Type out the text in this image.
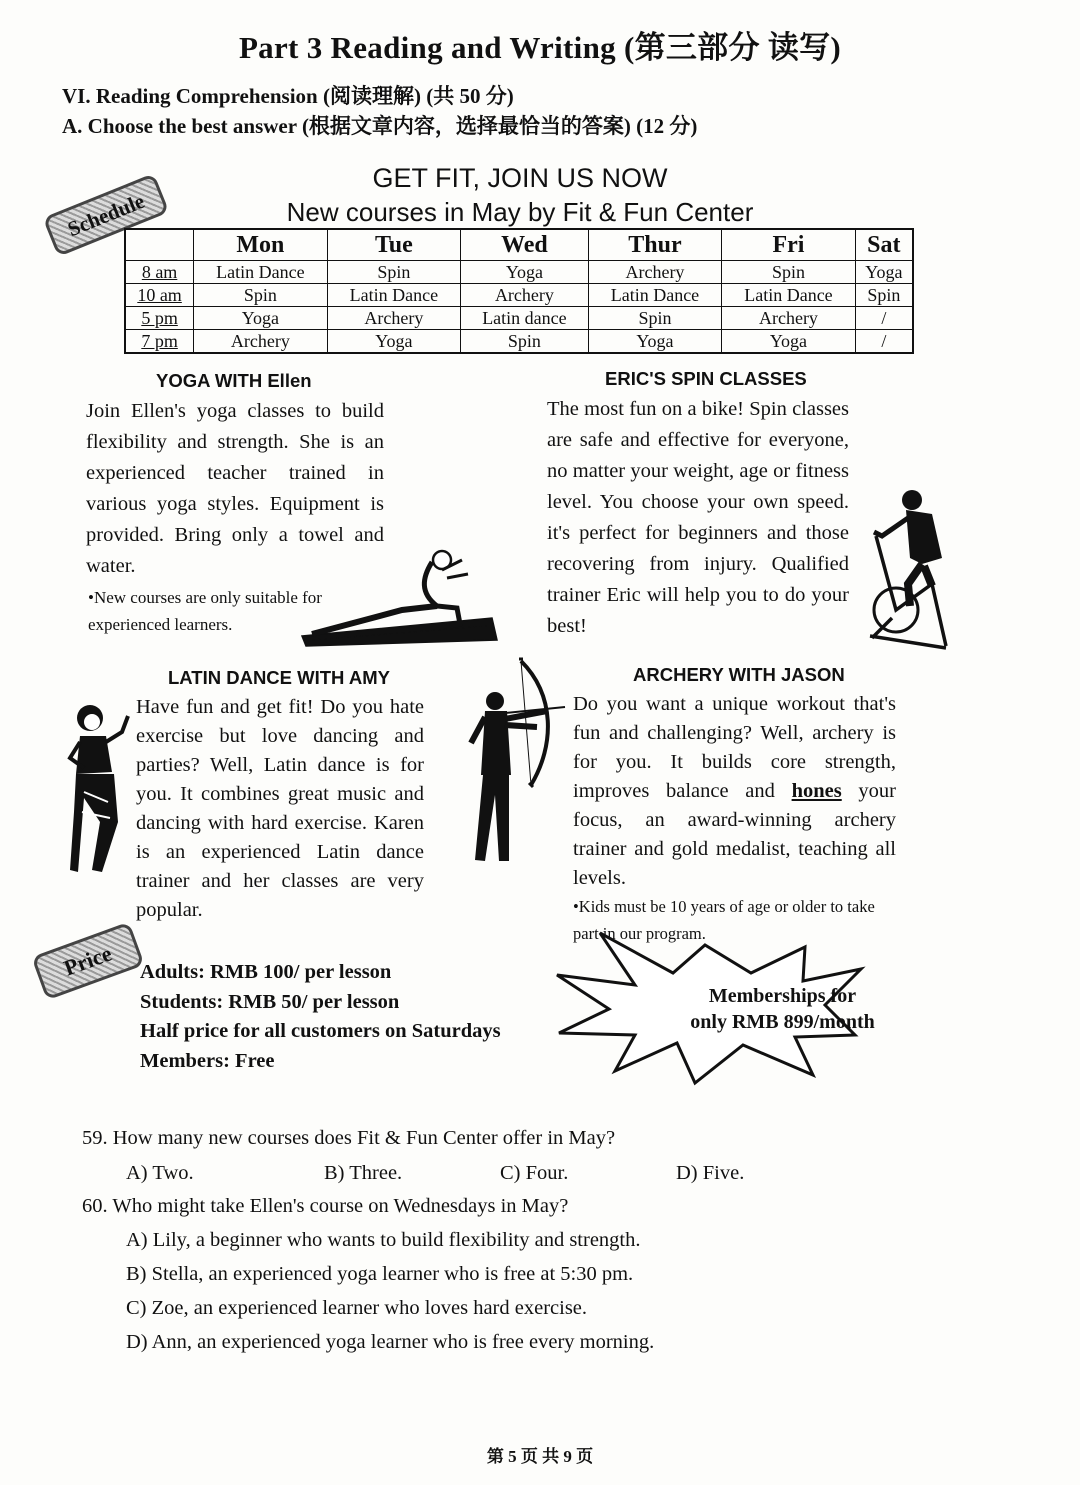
Part 3 Reading and Writing (第三部分 读写)
VI. Reading Comprehension (阅读理解) (共 50 分)
A. Choose the best answer (根据文章内容，选择最恰当的答案) (12 分)
GET FIT, JOIN US NOW
New courses in May by Fit & Fun Center
Schedule
	Mon	Tue	Wed	Thur	Fri	Sat
8 am	Latin Dance	Spin	Yoga	Archery	Spin	Yoga
10 am	Spin	Latin Dance	Archery	Latin Dance	Latin Dance	Spin
5 pm	Yoga	Archery	Latin dance	Spin	Archery	/
7 pm	Archery	Yoga	Spin	Yoga	Yoga	/
YOGA WITH Ellen
Join Ellen's yoga classes to build flexibility and strength. She is an experienced teacher trained in various yoga styles. Equipment is provided. Bring only a towel and water.
•New courses are only suitable for experienced learners.
ERIC'S SPIN CLASSES
The most fun on a bike! Spin classes are safe and effective for everyone, no matter your weight, age or fitness level. You choose your own speed. it's perfect for beginners and those recovering from injury. Qualified trainer Eric will help you to do your best!
LATIN DANCE WITH AMY
Have fun and get fit! Do you hate exercise but love dancing and parties? Well, Latin dance is for you. It combines great music and dancing with hard exercise. Karen is an experienced Latin dance trainer and her classes are very popular.
ARCHERY WITH JASON
Do you want a unique workout that's fun and challenging? Well, archery is for you. It builds core strength, improves balance and hones your focus, an award-winning archery trainer and gold medalist, teaching all levels.
•Kids must be 10 years of age or older to take part in our program.
Price	Adults: RMB 100/ per lesson
Students: RMB 50/ per lesson
Half price for all customers on Saturdays
Members: Free
Memberships for
only RMB 899/month
59. How many new courses does Fit & Fun Center offer in May?
A) Two.	B) Three.	C) Four.	D) Five.
60. Who might take Ellen's course on Wednesdays in May?
A) Lily, a beginner who wants to build flexibility and strength.
B) Stella, an experienced yoga learner who is free at 5:30 pm.
C) Zoe, an experienced learner who loves hard exercise.
D) Ann, an experienced yoga learner who is free every morning.
第 5 页 共 9 页
